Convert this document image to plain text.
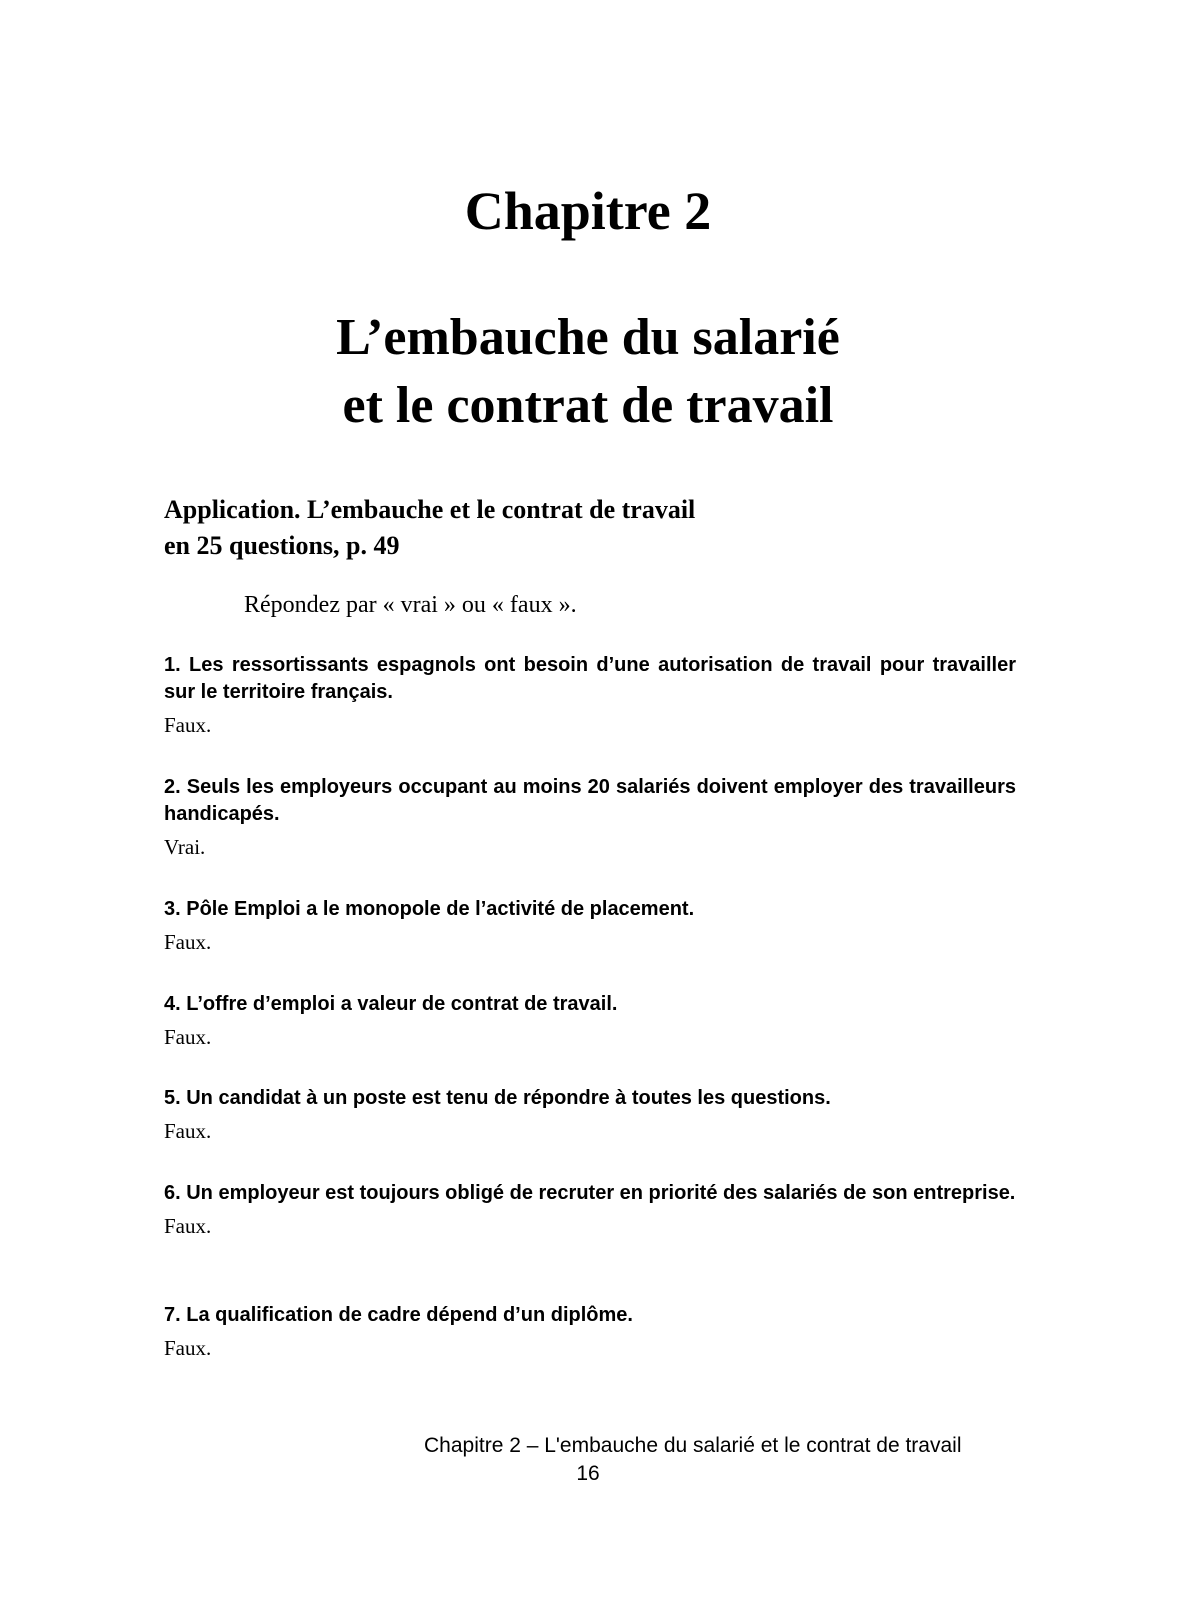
Chapitre 2
L’embauche du salarié
et le contrat de travail
Application. L’embauche et le contrat de travail
en 25 questions, p. 49

Répondez par « vrai » ou « faux ».

1. Les ressortissants espagnols ont besoin d’une autorisation de travail pour travailler sur le territoire français.

Faux.

2. Seuls les employeurs occupant au moins 20 salariés doivent employer des travailleurs handicapés.

Vrai.

3. Pôle Emploi a le monopole de l’activité de placement.

Faux.

4. L’offre d’emploi a valeur de contrat de travail.

Faux.

5. Un candidat à un poste est tenu de répondre à toutes les questions.

Faux.

6. Un employeur est toujours obligé de recruter en priorité des salariés de son entreprise.

Faux.

7. La qualification de cadre dépend d’un diplôme.

Faux.

Chapitre 2 – L'embauche du salarié et le contrat de travail

16
